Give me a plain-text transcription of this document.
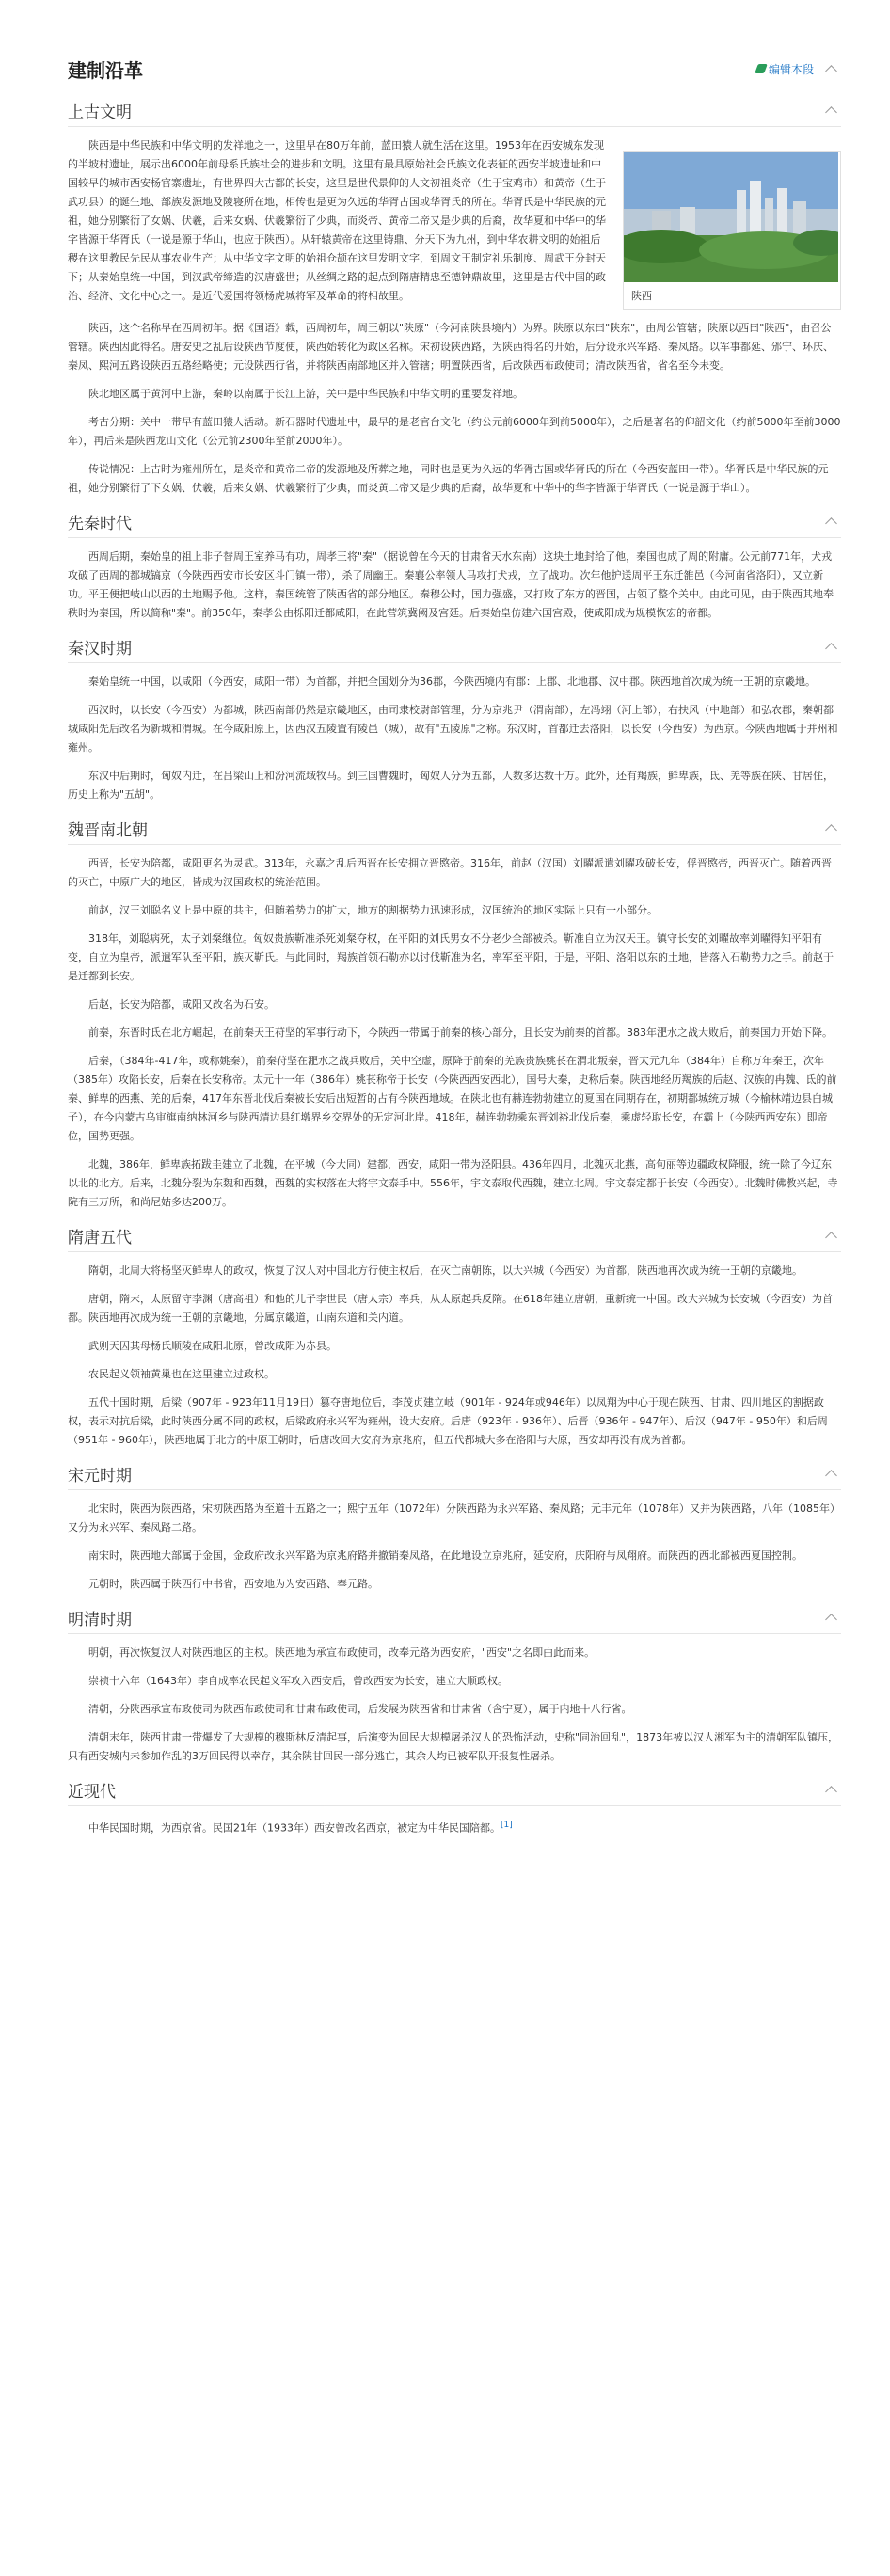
建制沿革	编辑本段
上古文明

陕西是中华民族和中华文明的发祥地之一，这里早在80万年前，蓝田猿人就生活在这里。1953年在西安城东发现的半坡村遗址，展示出6000年前母系氏族社会的进步和文明。这里有最具原始社会氏族文化表征的西安半坡遗址和中国较早的城市西安杨官寨遗址，有世界四大古都的长安，这里是世代景仰的人文初祖炎帝（生于宝鸡市）和黄帝（生于武功县）的诞生地、部族发源地及陵寝所在地，相传也是更为久远的华胥古国或华胥氏的所在。华胥氏是中华民族的元祖，她分别繁衍了女娲、伏羲，后来女娲、伏羲繁衍了少典，而炎帝、黄帝二帝又是少典的后裔，故华夏和中华中的华字皆源于华胥氏（一说是源于华山，也应于陕西）。从轩辕黄帝在这里铸鼎、分天下为九州，到中华农耕文明的始祖后稷在这里教民先民从事农业生产；从中华文字文明的始祖仓颉在这里发明文字，到周文王制定礼乐制度、周武王分封天下；从秦始皇统一中国，到汉武帝缔造的汉唐盛世；从丝绸之路的起点到隋唐精忠至德钟鼎故里，这里是古代中国的政治、经济、文化中心之一。是近代爱国将领杨虎城将军及革命的将相故里。	陕西

陕西，这个名称早在西周初年。据《国语》载，西周初年，周王朝以"陕原"（今河南陕县境内）为界。陕原以东曰"陕东"，由周公管辖；陕原以西曰"陕西"，由召公管辖。陕西因此得名。唐安史之乱后设陕西节度使，陕西始转化为政区名称。宋初设陕西路，为陕西得名的开始，后分设永兴军路、秦凤路。以军事都延、邠宁、环庆、秦凤、熙河五路设陕西五路经略使；元设陕西行省，并将陕西南部地区并入管辖；明置陕西省，后改陕西布政使司；清改陕西省，省名至今未变。

陕北地区属于黄河中上游，秦岭以南属于长江上游，关中是中华民族和中华文明的重要发祥地。

考古分期：关中一带早有蓝田猿人活动。新石器时代遗址中，最早的是老官台文化（约公元前6000年到前5000年），之后是著名的仰韶文化（约前5000年至前3000年），再后来是陕西龙山文化（公元前2300年至前2000年）。

传说情况：上古时为雍州所在，是炎帝和黄帝二帝的发源地及所葬之地，同时也是更为久远的华胥古国或华胥氏的所在（今西安蓝田一带）。华胥氏是中华民族的元祖，她分别繁衍了下女娲、伏羲，后来女娲、伏羲繁衍了少典，而炎黄二帝又是少典的后裔，故华夏和中华中的华字皆源于华胥氏（一说是源于华山）。

先秦时代

西周后期，秦始皇的祖上非子替周王室养马有功，周孝王将"秦"（据说曾在今天的甘肃省天水东南）这块土地封给了他，秦国也成了周的附庸。公元前771年，犬戎攻破了西周的都城镐京（今陕西西安市长安区斗门镇一带），杀了周幽王。秦襄公率领人马攻打犬戎，立了战功。次年他护送周平王东迁雒邑（今河南省洛阳），又立新功。平王便把岐山以西的土地赐予他。这样，秦国统管了陕西省的部分地区。秦穆公时，国力强盛，又打败了东方的晋国，占领了整个关中。由此可见，由于陕西其地奉秩时为秦国，所以简称"秦"。前350年，秦孝公由栎阳迁都咸阳，在此营筑冀阙及宫廷。后秦始皇仿建六国宫殿，使咸阳成为规模恢宏的帝都。

秦汉时期

秦始皇统一中国，以咸阳（今西安，咸阳一带）为首都，并把全国划分为36郡，今陕西境内有郡：上郡、北地郡、汉中郡。陕西地首次成为统一王朝的京畿地。

西汉时，以长安（今西安）为都城，陕西南部仍然是京畿地区，由司隶校尉部管理，分为京兆尹（渭南部），左冯翊（河上部），右扶风（中地部）和弘农郡，秦朝都城咸阳先后改名为新城和渭城。在今咸阳原上，因西汉五陵置有陵邑（城），故有"五陵原"之称。东汉时，首都迁去洛阳，以长安（今西安）为西京。今陕西地属于并州和雍州。

东汉中后期时，匈奴内迁，在吕梁山上和汾河流域牧马。到三国曹魏时，匈奴人分为五部，人数多达数十万。此外，还有羯族，鲜卑族，氐、羌等族在陕、甘居住，历史上称为"五胡"。

魏晋南北朝

西晋，长安为陪都，咸阳更名为灵武。313年，永嘉之乱后西晋在长安拥立晋愍帝。316年，前赵（汉国）刘曜派遣刘曜攻破长安，俘晋愍帝，西晋灭亡。随着西晋的灭亡，中原广大的地区，皆成为汉国政权的统治范围。

前赵，汉王刘聪名义上是中原的共主，但随着势力的扩大，地方的割据势力迅速形成，汉国统治的地区实际上只有一小部分。

318年，刘聪病死，太子刘粲继位。匈奴贵族靳准杀死刘粲夺权，在平阳的刘氏男女不分老少全部被杀。靳准自立为汉天王。镇守长安的刘曜故率刘曜得知平阳有变，自立为皇帝，派遣军队至平阳，族灭靳氏。与此同时，羯族首领石勒亦以讨伐靳准为名，率军至平阳，于是，平阳、洛阳以东的土地，皆落入石勒势力之手。前赵于是迁都到长安。

后赵，长安为陪都，咸阳又改名为石安。

前秦，东晋时氐在北方崛起，在前秦天王苻坚的军事行动下，今陕西一带属于前秦的核心部分，且长安为前秦的首都。383年淝水之战大败后，前秦国力开始下降。

后秦，（384年-417年，或称姚秦），前秦苻坚在淝水之战兵败后，关中空虚，原降于前秦的羌族贵族姚苌在渭北叛秦，晋太元九年（384年）自称万年秦王，次年（385年）攻陷长安，后秦在长安称帝。太元十一年（386年）姚苌称帝于长安（今陕西西安西北），国号大秦，史称后秦。陕西地经历羯族的后赵、汉族的冉魏、氐的前秦、鲜卑的西燕、羌的后秦，417年东晋北伐后秦被长安后出短暂的占有今陕西地域。在陕北也有赫连勃勃建立的夏国在同期存在，初期都城统万城（今榆林靖边县白城子），在今内蒙古乌审旗南纳林河乡与陕西靖边县红墩界乡交界处的无定河北岸。418年，赫连勃勃乘东晋刘裕北伐后秦，乘虚轻取长安，在霸上（今陕西西安东）即帝位，国势更强。

北魏，386年，鲜卑族拓跋圭建立了北魏，在平城（今大同）建都，西安，咸阳一带为泾阳县。436年四月，北魏灭北燕，高句丽等边疆政权降服，统一除了今辽东以北的北方。后来，北魏分裂为东魏和西魏，西魏的实权落在大将宇文泰手中。556年，宇文泰取代西魏，建立北周。宇文泰定都于长安（今西安）。北魏时佛教兴起，寺院有三万所，和尚尼姑多达200万。

隋唐五代

隋朝，北周大将杨坚灭鲜卑人的政权，恢复了汉人对中国北方行使主权后，在灭亡南朝陈，以大兴城（今西安）为首都，陕西地再次成为统一王朝的京畿地。

唐朝，隋末，太原留守李渊（唐高祖）和他的儿子李世民（唐太宗）率兵，从太原起兵反隋。在618年建立唐朝，重新统一中国。改大兴城为长安城（今西安）为首都。陕西地再次成为统一王朝的京畿地，分属京畿道，山南东道和关内道。

武则天因其母杨氏顺陵在咸阳北原，曾改咸阳为赤县。

农民起义领袖黄巢也在这里建立过政权。

五代十国时期，后梁（907年 - 923年11月19日）篡夺唐地位后，李茂贞建立岐（901年 - 924年或946年）以凤翔为中心于现在陕西、甘肃、四川地区的割据政权，表示对抗后梁，此时陕西分属不同的政权，后梁政府永兴军为雍州，设大安府。后唐（923年 - 936年）、后晋（936年 - 947年）、后汉（947年 - 950年）和后周（951年 - 960年），陕西地属于北方的中原王朝时，后唐改回大安府为京兆府，但五代都城大多在洛阳与大原，西安却再没有成为首都。

宋元时期

北宋时，陕西为陕西路，宋初陕西路为至道十五路之一；熙宁五年（1072年）分陕西路为永兴军路、秦凤路；元丰元年（1078年）又并为陕西路，八年（1085年）又分为永兴军、秦凤路二路。

南宋时，陕西地大部属于金国，金政府改永兴军路为京兆府路并撤销秦凤路，在此地设立京兆府，延安府，庆阳府与凤翔府。而陕西的西北部被西夏国控制。

元朝时，陕西属于陕西行中书省，西安地为为安西路、奉元路。

明清时期

明朝，再次恢复汉人对陕西地区的主权。陕西地为承宣布政使司，改奉元路为西安府，"西安"之名即由此而来。

崇祯十六年（1643年）李自成率农民起义军攻入西安后，曾改西安为长安，建立大顺政权。

清朝，分陕西承宣布政使司为陕西布政使司和甘肃布政使司，后发展为陕西省和甘肃省（含宁夏），属于内地十八行省。

清朝末年，陕西甘肃一带爆发了大规模的穆斯林反清起事，后演变为回民大规模屠杀汉人的恐怖活动，史称"同治回乱"，1873年被以汉人湘军为主的清朝军队镇压，只有西安城内未参加作乱的3万回民得以幸存，其余陕甘回民一部分逃亡，其余人均已被军队开报复性屠杀。

近现代

中华民国时期，为西京省。民国21年（1933年）西安曾改名西京，被定为中华民国陪都。[1]
